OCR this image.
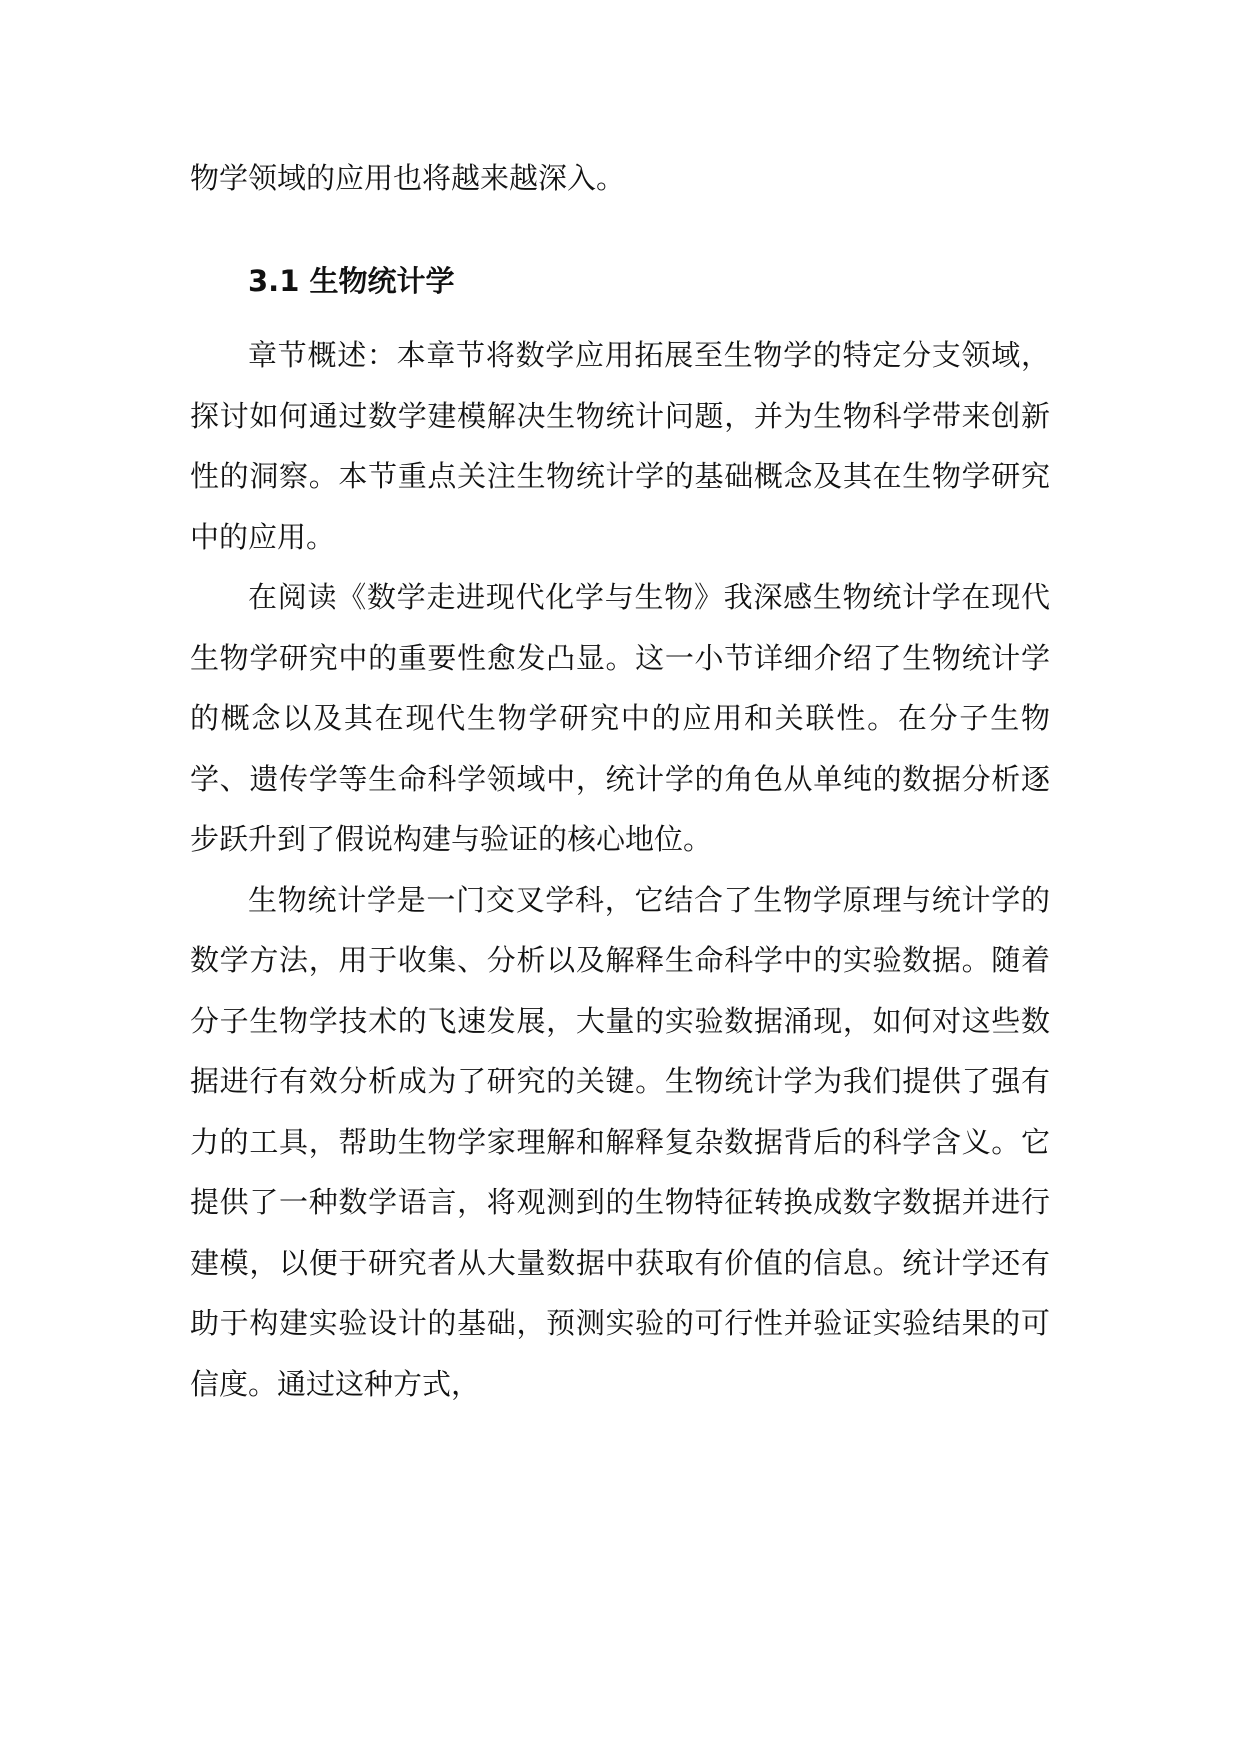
物学领域的应用也将越来越深入。

3.1 生物统计学

章节概述：本章节将数学应用拓展至生物学的特定分支领域，探讨如何通过数学建模解决生物统计问题，并为生物科学带来创新性的洞察。本节重点关注生物统计学的基础概念及其在生物学研究中的应用。

在阅读《数学走进现代化学与生物》我深感生物统计学在现代生物学研究中的重要性愈发凸显。这一小节详细介绍了生物统计学的概念以及其在现代生物学研究中的应用和关联性。在分子生物学、遗传学等生命科学领域中，统计学的角色从单纯的数据分析逐步跃升到了假说构建与验证的核心地位。

生物统计学是一门交叉学科，它结合了生物学原理与统计学的数学方法，用于收集、分析以及解释生命科学中的实验数据。随着分子生物学技术的飞速发展，大量的实验数据涌现，如何对这些数据进行有效分析成为了研究的关键。生物统计学为我们提供了强有力的工具，帮助生物学家理解和解释复杂数据背后的科学含义。它提供了一种数学语言，将观测到的生物特征转换成数字数据并进行建模，以便于研究者从大量数据中获取有价值的信息。统计学还有助于构建实验设计的基础，预测实验的可行性并验证实验结果的可信度。通过这种方式，
